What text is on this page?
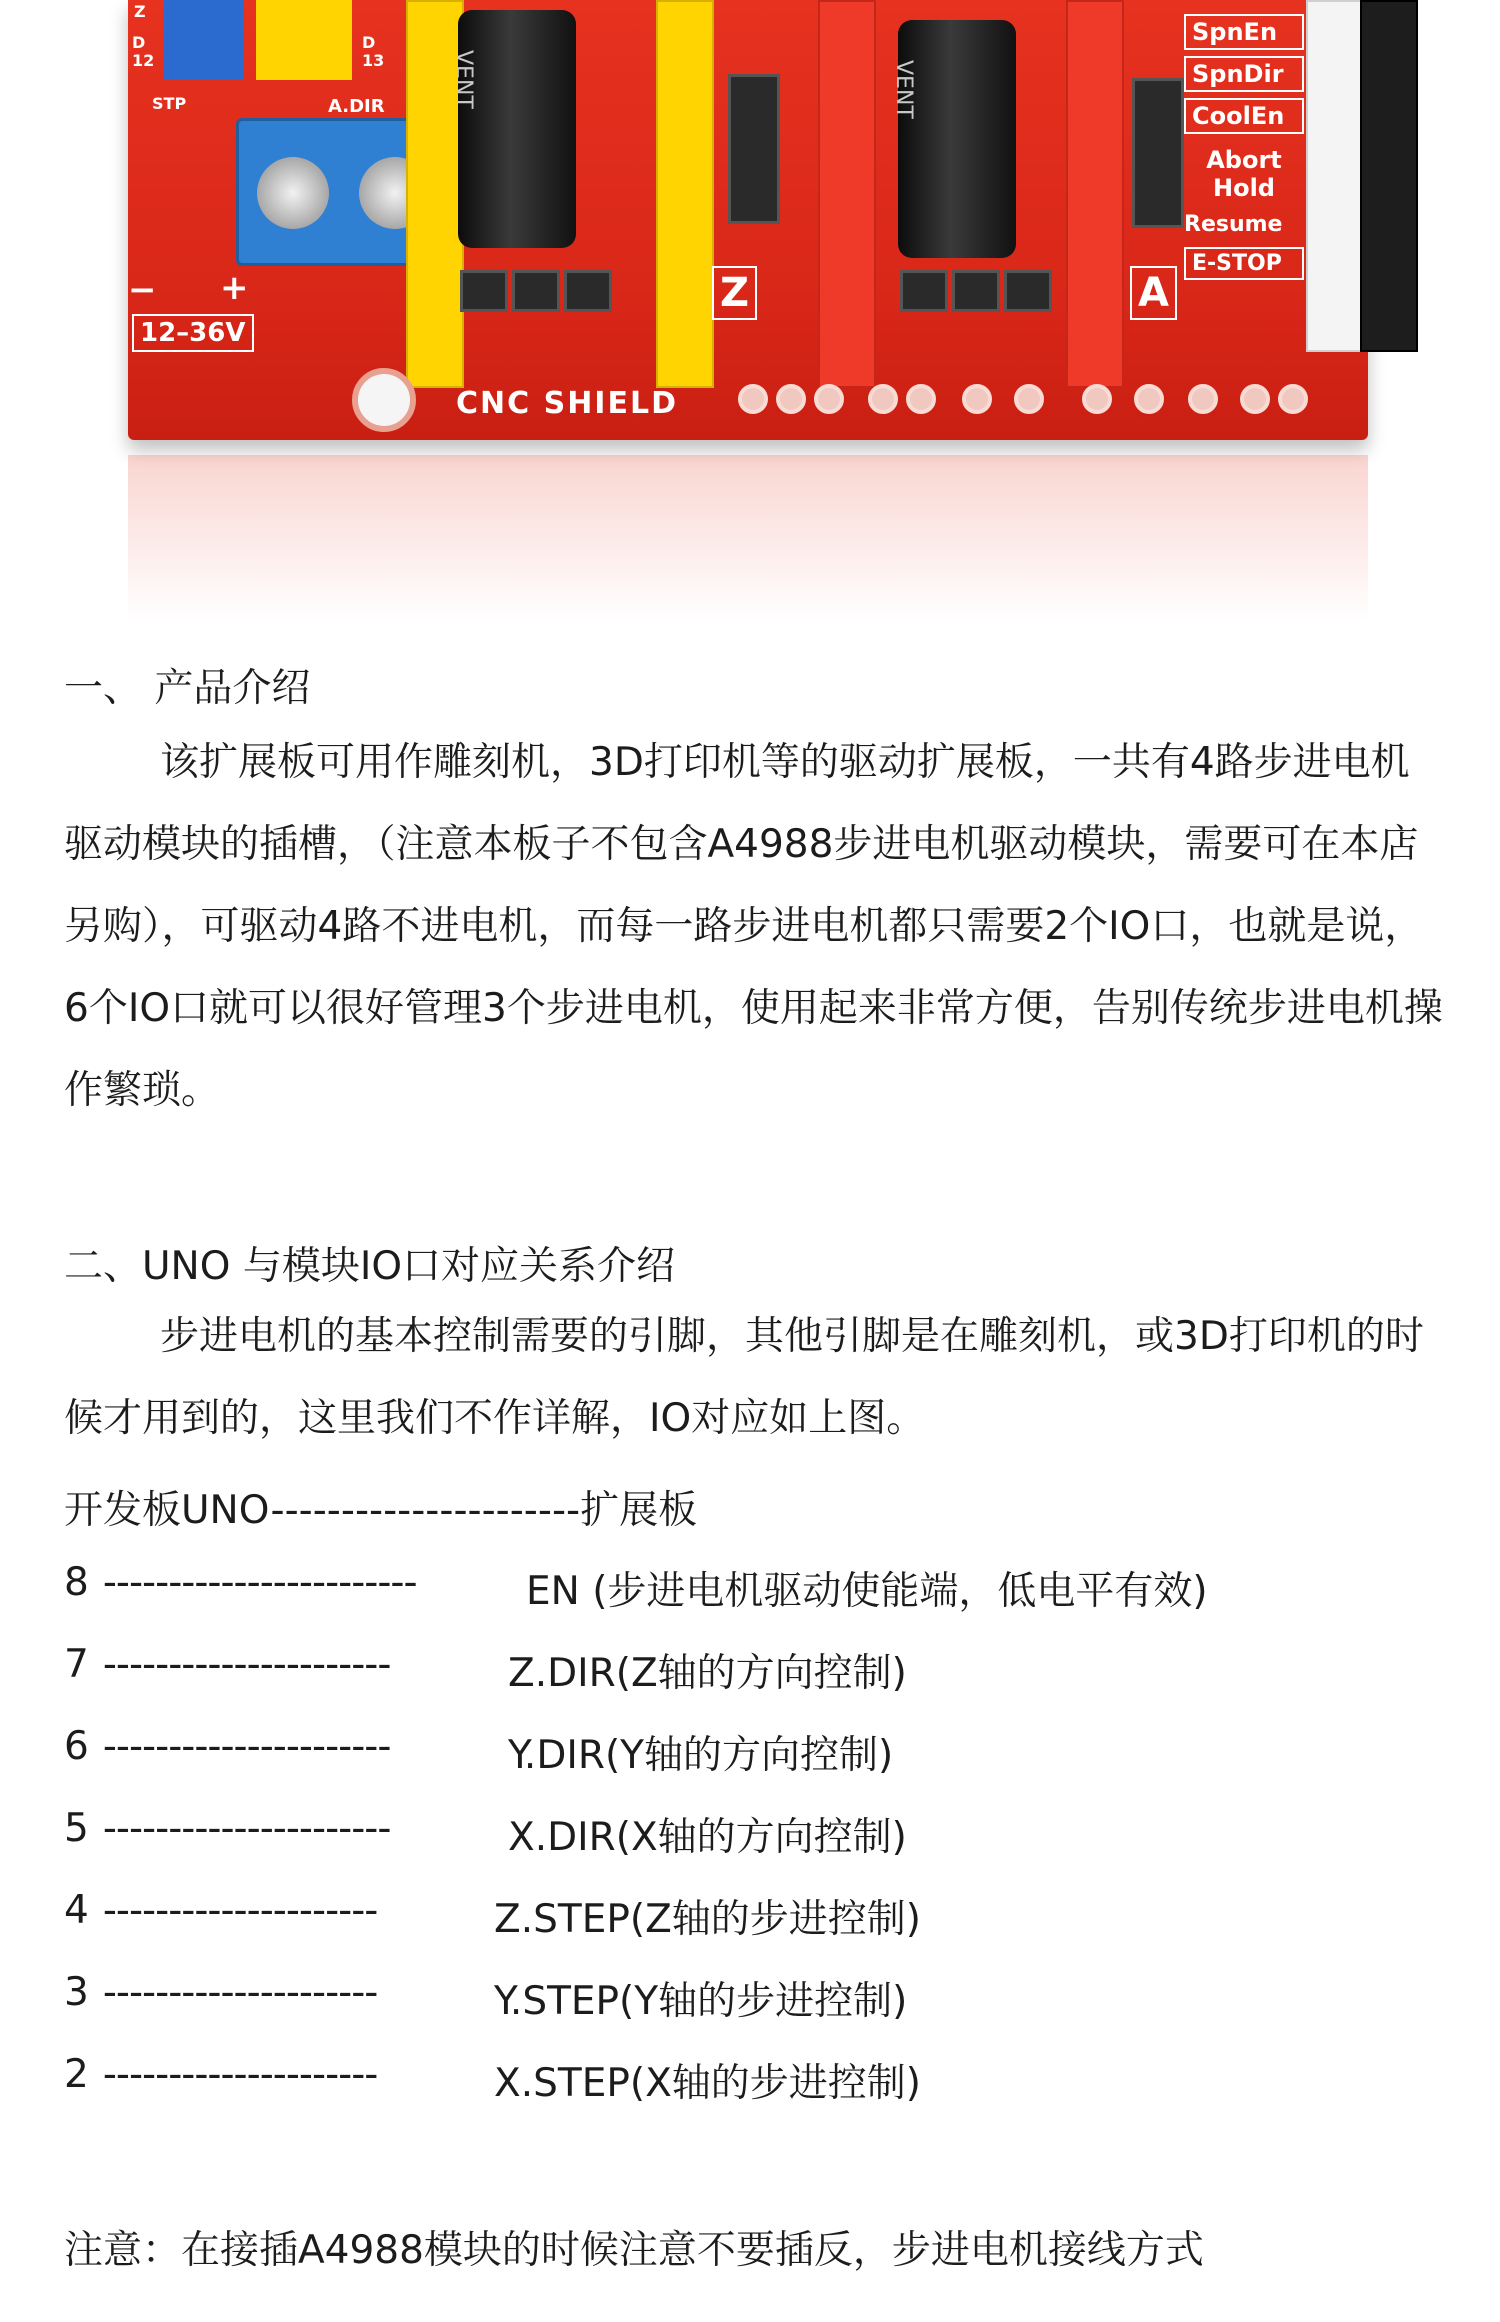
D
12
D
13
Z
STP	A.DIR
− +
12–36V
VENT	VENT
Z	A
SpnEn
SpnDir
CoolEn
Abort
Hold
Resume
E-STOP
CNC SHIELD
一、 产品介绍
该扩展板可用作雕刻机，3D打印机等的驱动扩展板，一共有4路步进电机驱动模块的插槽，（注意本板子不包含A4988步进电机驱动模块，需要可在本店另购），可驱动4路不进电机，而每一路步进电机都只需要2个IO口，也就是说，6个IO口就可以很好管理3个步进电机，使用起来非常方便，告别传统步进电机操作繁琐。
二、UNO 与模块IO口对应关系介绍
步进电机的基本控制需要的引脚，其他引脚是在雕刻机，或3D打印机的时候才用到的，这里我们不作详解，IO对应如上图。
开发板UNO----------------------扩展板
8 ------------------------	EN (步进电机驱动使能端，低电平有效)
7 ----------------------	Z.DIR(Z轴的方向控制)
6 ----------------------	Y.DIR(Y轴的方向控制)
5 ----------------------	X.DIR(X轴的方向控制)
4 ---------------------	Z.STEP(Z轴的步进控制)
3 ---------------------	Y.STEP(Y轴的步进控制)
2 ---------------------	X.STEP(X轴的步进控制)
注意：在接插A4988模块的时候注意不要插反，步进电机接线方式
